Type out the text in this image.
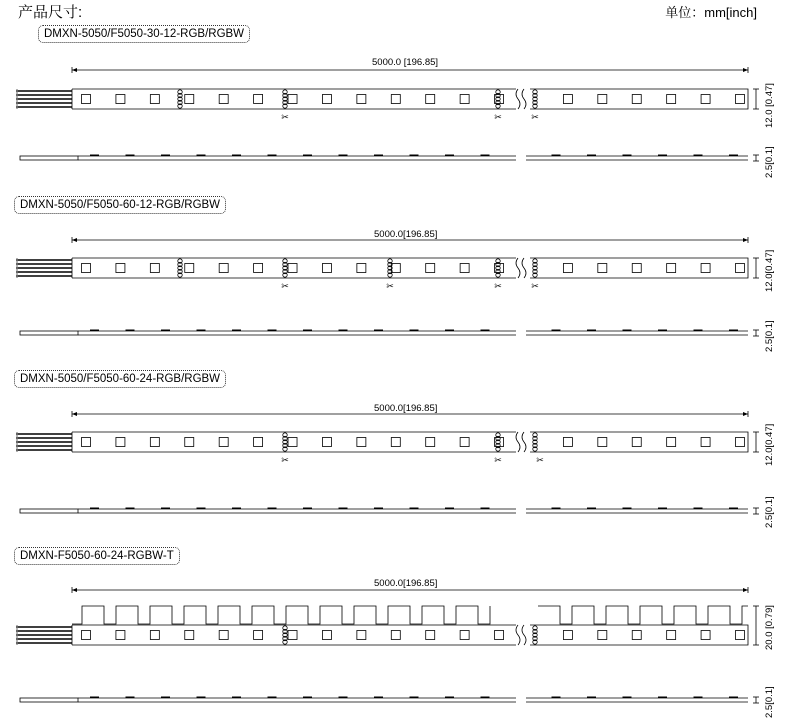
产品尺寸:	单位：mm[inch]
DMXN-5050/F5050-30-12-RGB/RGBW
5000.0 [196.85]
12.0 [0.47]
2.5[0.1]
DMXN-5050/F5050-60-12-RGB/RGBW
5000.0[196.85]
12.0[0.47]
2.5[0.1]
DMXN-5050/F5050-60-24-RGB/RGBW
5000.0[196.85]
12.0[0.47]
2.5[0.1]
DMXN-F5050-60-24-RGBW-T
5000.0[196.85]
20.0 [0.79]
2.5[0.1]
✂	✂	✂
✂	✂	✂	✂
✂	✂	✂
